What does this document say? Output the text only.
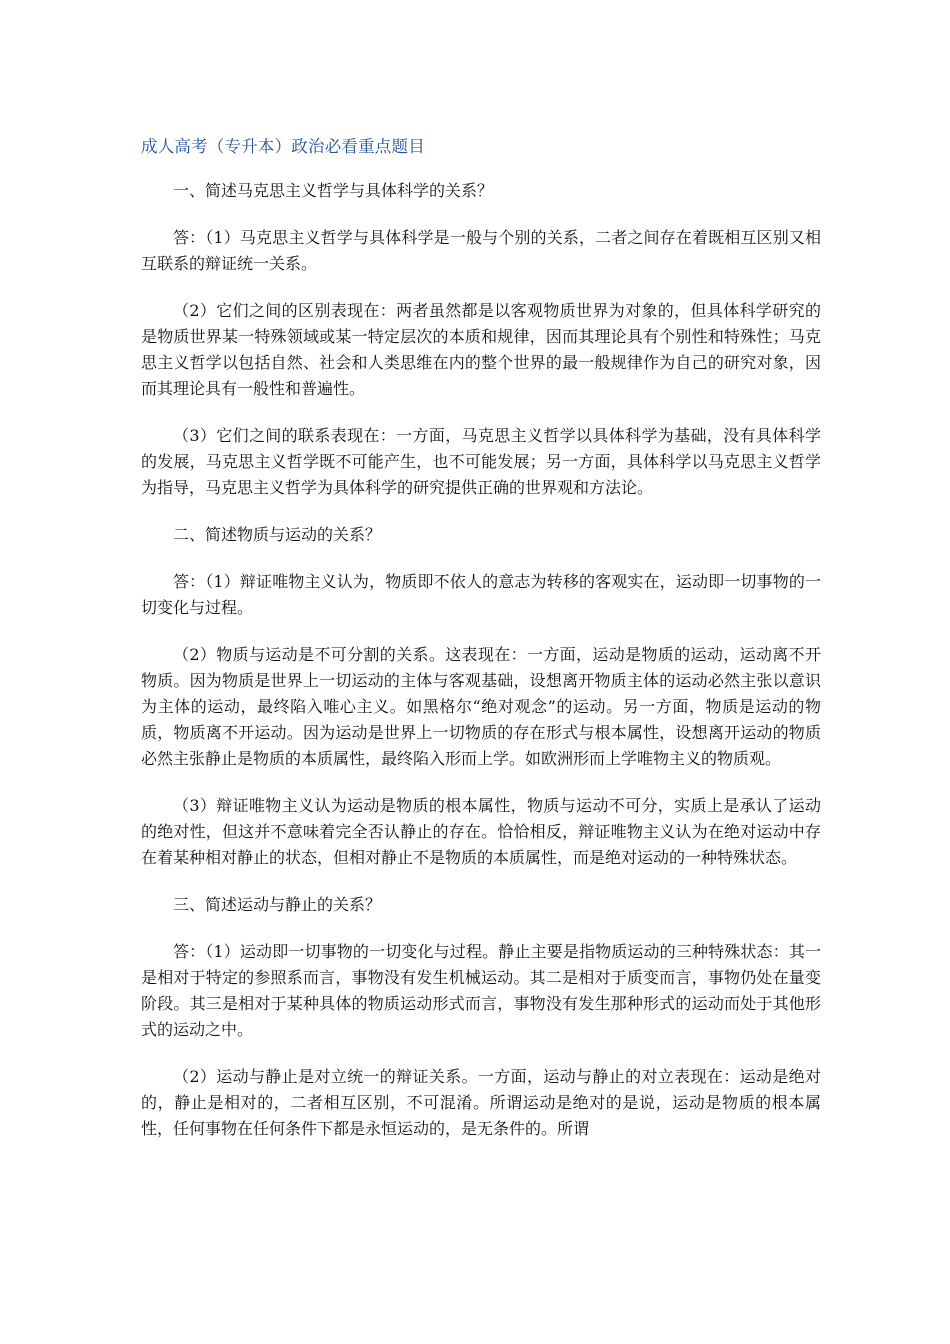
成人高考（专升本）政治必看重点题目
一、简述马克思主义哲学与具体科学的关系？

答：（1）马克思主义哲学与具体科学是一般与个别的关系，二者之间存在着既相互区别又相互联系的辩证统一关系。

（2）它们之间的区别表现在：两者虽然都是以客观物质世界为对象的，但具体科学研究的是物质世界某一特殊领域或某一特定层次的本质和规律，因而其理论具有个别性和特殊性；马克思主义哲学以包括自然、社会和人类思维在内的整个世界的最一般规律作为自己的研究对象，因而其理论具有一般性和普遍性。

（3）它们之间的联系表现在：一方面，马克思主义哲学以具体科学为基础，没有具体科学的发展，马克思主义哲学既不可能产生，也不可能发展；另一方面，具体科学以马克思主义哲学为指导，马克思主义哲学为具体科学的研究提供正确的世界观和方法论。

二、简述物质与运动的关系？

答：（1）辩证唯物主义认为，物质即不依人的意志为转移的客观实在，运动即一切事物的一切变化与过程。

（2）物质与运动是不可分割的关系。这表现在：一方面，运动是物质的运动，运动离不开物质。因为物质是世界上一切运动的主体与客观基础，设想离开物质主体的运动必然主张以意识为主体的运动，最终陷入唯心主义。如黑格尔“绝对观念”的运动。另一方面，物质是运动的物质，物质离不开运动。因为运动是世界上一切物质的存在形式与根本属性，设想离开运动的物质必然主张静止是物质的本质属性，最终陷入形而上学。如欧洲形而上学唯物主义的物质观。

（3）辩证唯物主义认为运动是物质的根本属性，物质与运动不可分，实质上是承认了运动的绝对性，但这并不意味着完全否认静止的存在。恰恰相反，辩证唯物主义认为在绝对运动中存在着某种相对静止的状态，但相对静止不是物质的本质属性，而是绝对运动的一种特殊状态。

三、简述运动与静止的关系？

答：（1）运动即一切事物的一切变化与过程。静止主要是指物质运动的三种特殊状态：其一是相对于特定的参照系而言，事物没有发生机械运动。其二是相对于质变而言，事物仍处在量变阶段。其三是相对于某种具体的物质运动形式而言，事物没有发生那种形式的运动而处于其他形式的运动之中。

（2）运动与静止是对立统一的辩证关系。一方面，运动与静止的对立表现在：运动是绝对的，静止是相对的，二者相互区别，不可混淆。所谓运动是绝对的是说，运动是物质的根本属性，任何事物在任何条件下都是永恒运动的，是无条件的。所谓
